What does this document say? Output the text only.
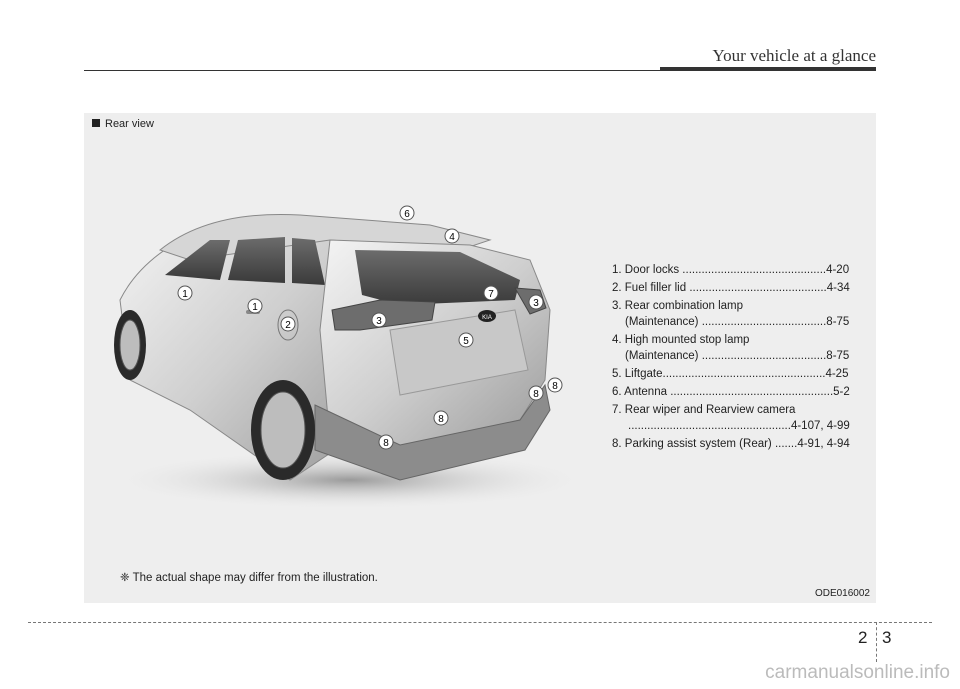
Your vehicle at a glance
Rear view
KIA
1
1
2	3
3
4
5
6
7
8
8
8
8
1. Door locks .............................................4-20
2. Fuel filler lid ...........................................4-34
3. Rear combination lamp
(Maintenance) .......................................8-75
4. High mounted stop lamp
(Maintenance) .......................................8-75
5. Liftgate...................................................4-25
6. Antenna ...................................................5-2
7. Rear wiper and Rearview camera
...................................................4-107, 4-99
8. Parking assist system (Rear) .......4-91, 4-94
❈ The actual shape may differ from the illustration.
ODE016002
2 3
carmanualsonline.info
